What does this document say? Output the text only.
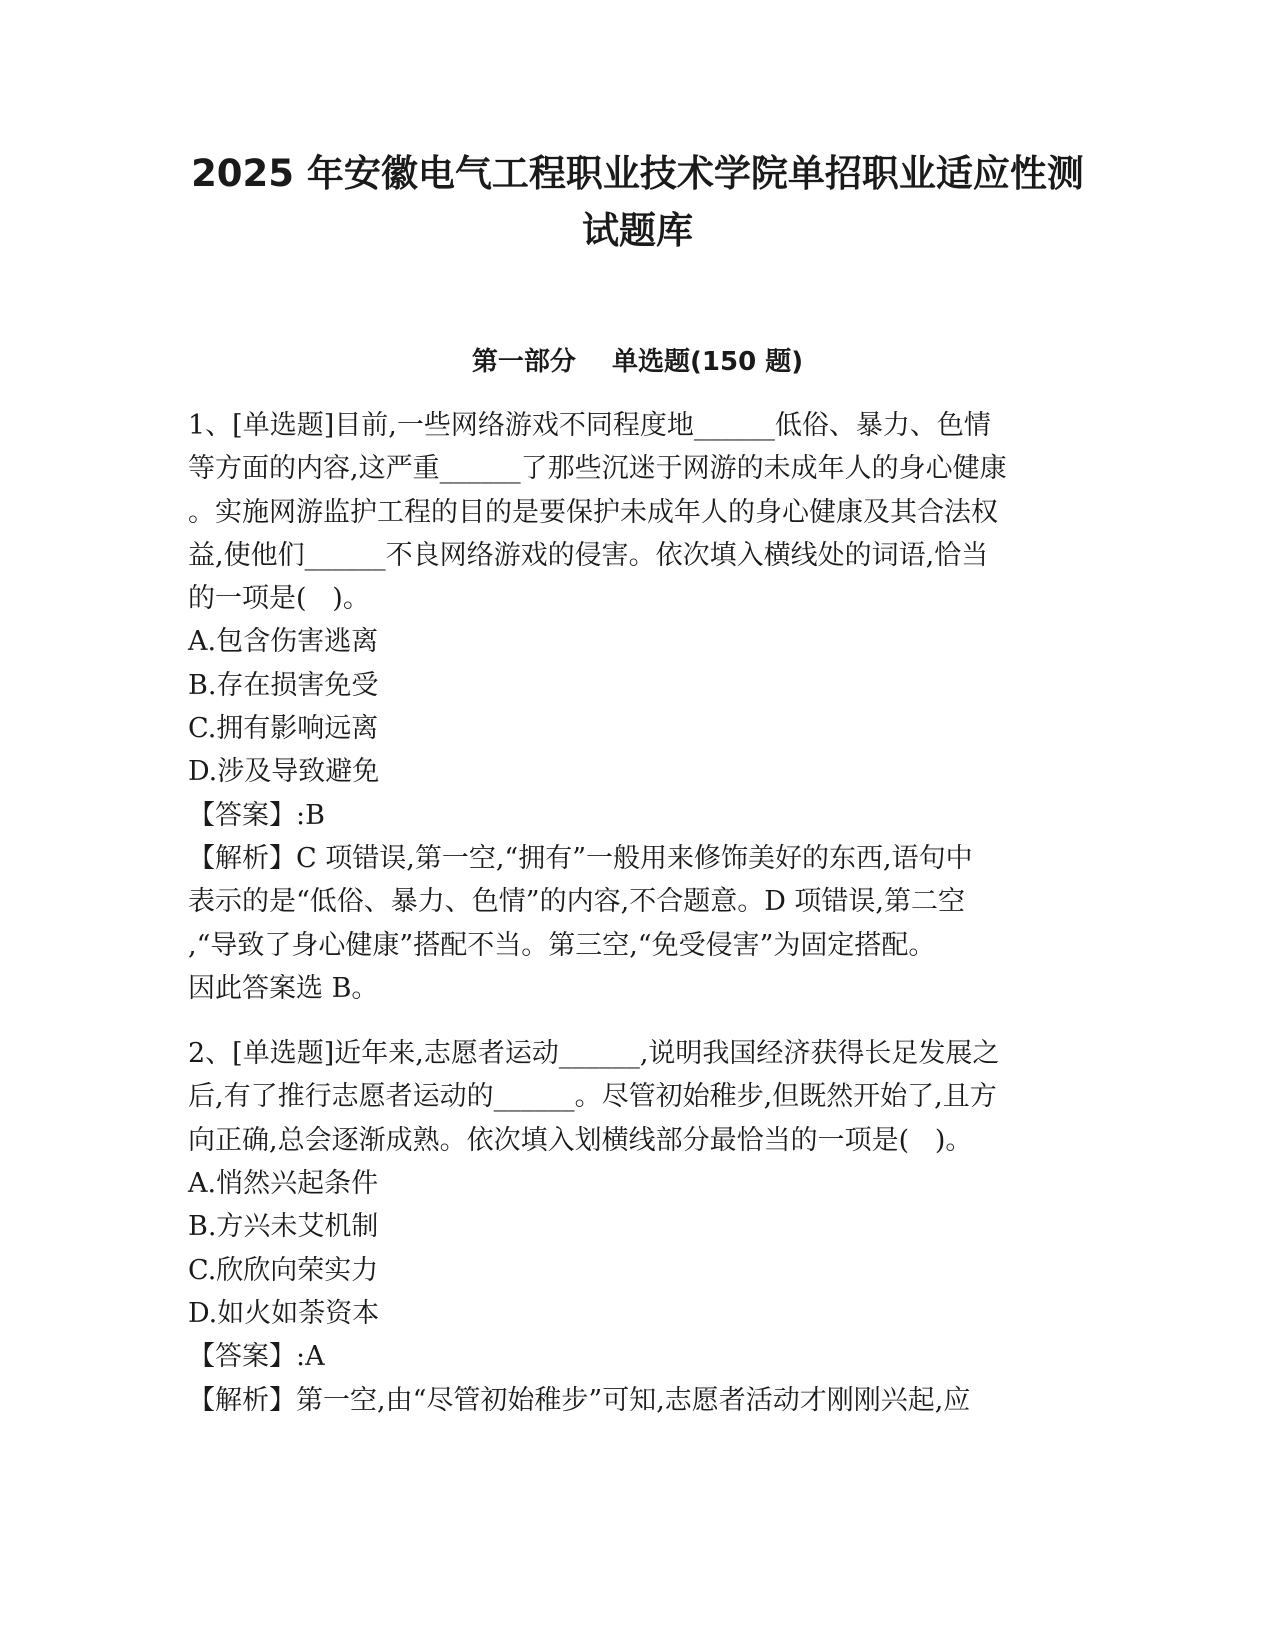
2025 年安徽电气工程职业技术学院单招职业适应性测
试题库
第一部分    单选题(150 题)
1、[单选题]目前,一些网络游戏不同程度地______低俗、暴力、色情
等方面的内容,这严重______了那些沉迷于网游的未成年人的身心健康
。实施网游监护工程的目的是要保护未成年人的身心健康及其合法权
益,使他们______不良网络游戏的侵害。依次填入横线处的词语,恰当
的一项是(   )。
A.包含伤害逃离
B.存在损害免受
C.拥有影响远离
D.涉及导致避免
【答案】:B
【解析】C 项错误,第一空,“拥有”一般用来修饰美好的东西,语句中
表示的是“低俗、暴力、色情”的内容,不合题意。D 项错误,第二空
,“导致了身心健康”搭配不当。第三空,“免受侵害”为固定搭配。
因此答案选 B。
2、[单选题]近年来,志愿者运动______,说明我国经济获得长足发展之
后,有了推行志愿者运动的______。尽管初始稚步,但既然开始了,且方
向正确,总会逐渐成熟。依次填入划横线部分最恰当的一项是(   )。
A.悄然兴起条件
B.方兴未艾机制
C.欣欣向荣实力
D.如火如荼资本
【答案】:A
【解析】第一空,由“尽管初始稚步”可知,志愿者活动才刚刚兴起,应
